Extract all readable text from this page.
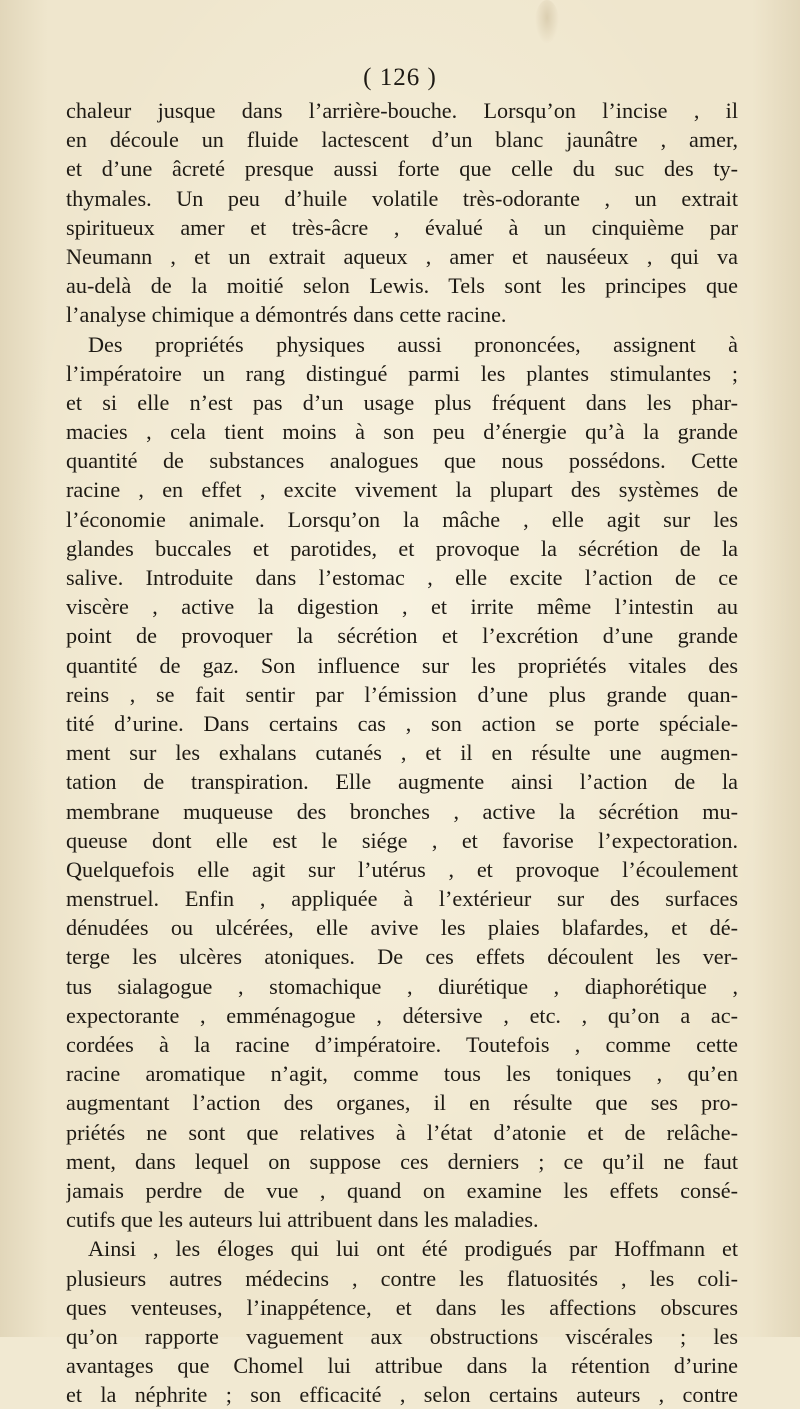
( 126 )
chaleur jusque dans l’arrière-bouche. Lorsqu’on l’incise , il
en découle un fluide lactescent d’un blanc jaunâtre , amer,
et d’une âcreté presque aussi forte que celle du suc des ty-
thymales. Un peu d’huile volatile très-odorante , un extrait
spiritueux amer et très-âcre , évalué à un cinquième par
Neumann , et un extrait aqueux , amer et nauséeux , qui va
au-delà de la moitié selon Lewis. Tels sont les principes que
l’analyse chimique a démontrés dans cette racine.
Des propriétés physiques aussi prononcées, assignent à
l’impératoire un rang distingué parmi les plantes stimulantes ;
et si elle n’est pas d’un usage plus fréquent dans les phar-
macies , cela tient moins à son peu d’énergie qu’à la grande
quantité de substances analogues que nous possédons. Cette
racine , en effet , excite vivement la plupart des systèmes de
l’économie animale. Lorsqu’on la mâche , elle agit sur les
glandes buccales et parotides, et provoque la sécrétion de la
salive. Introduite dans l’estomac , elle excite l’action de ce
viscère , active la digestion , et irrite même l’intestin au
point de provoquer la sécrétion et l’excrétion d’une grande
quantité de gaz. Son influence sur les propriétés vitales des
reins , se fait sentir par l’émission d’une plus grande quan-
tité d’urine. Dans certains cas , son action se porte spéciale-
ment sur les exhalans cutanés , et il en résulte une augmen-
tation de transpiration. Elle augmente ainsi l’action de la
membrane muqueuse des bronches , active la sécrétion mu-
queuse dont elle est le siége , et favorise l’expectoration.
Quelquefois elle agit sur l’utérus , et provoque l’écoulement
menstruel. Enfin , appliquée à l’extérieur sur des surfaces
dénudées ou ulcérées, elle avive les plaies blafardes, et dé-
terge les ulcères atoniques. De ces effets découlent les ver-
tus sialagogue , stomachique , diurétique , diaphorétique ,
expectorante , emménagogue , détersive , etc. , qu’on a ac-
cordées à la racine d’impératoire. Toutefois , comme cette
racine aromatique n’agit, comme tous les toniques , qu’en
augmentant l’action des organes, il en résulte que ses pro-
priétés ne sont que relatives à l’état d’atonie et de relâche-
ment, dans lequel on suppose ces derniers ; ce qu’il ne faut
jamais perdre de vue , quand on examine les effets consé-
cutifs que les auteurs lui attribuent dans les maladies.
Ainsi , les éloges qui lui ont été prodigués par Hoffmann et
plusieurs autres médecins , contre les flatuosités , les coli-
ques venteuses, l’inappétence, et dans les affections obscures
qu’on rapporte vaguement aux obstructions viscérales ; les
avantages que Chomel lui attribue dans la rétention d’urine
et la néphrite ; son efficacité , selon certains auteurs , contre
